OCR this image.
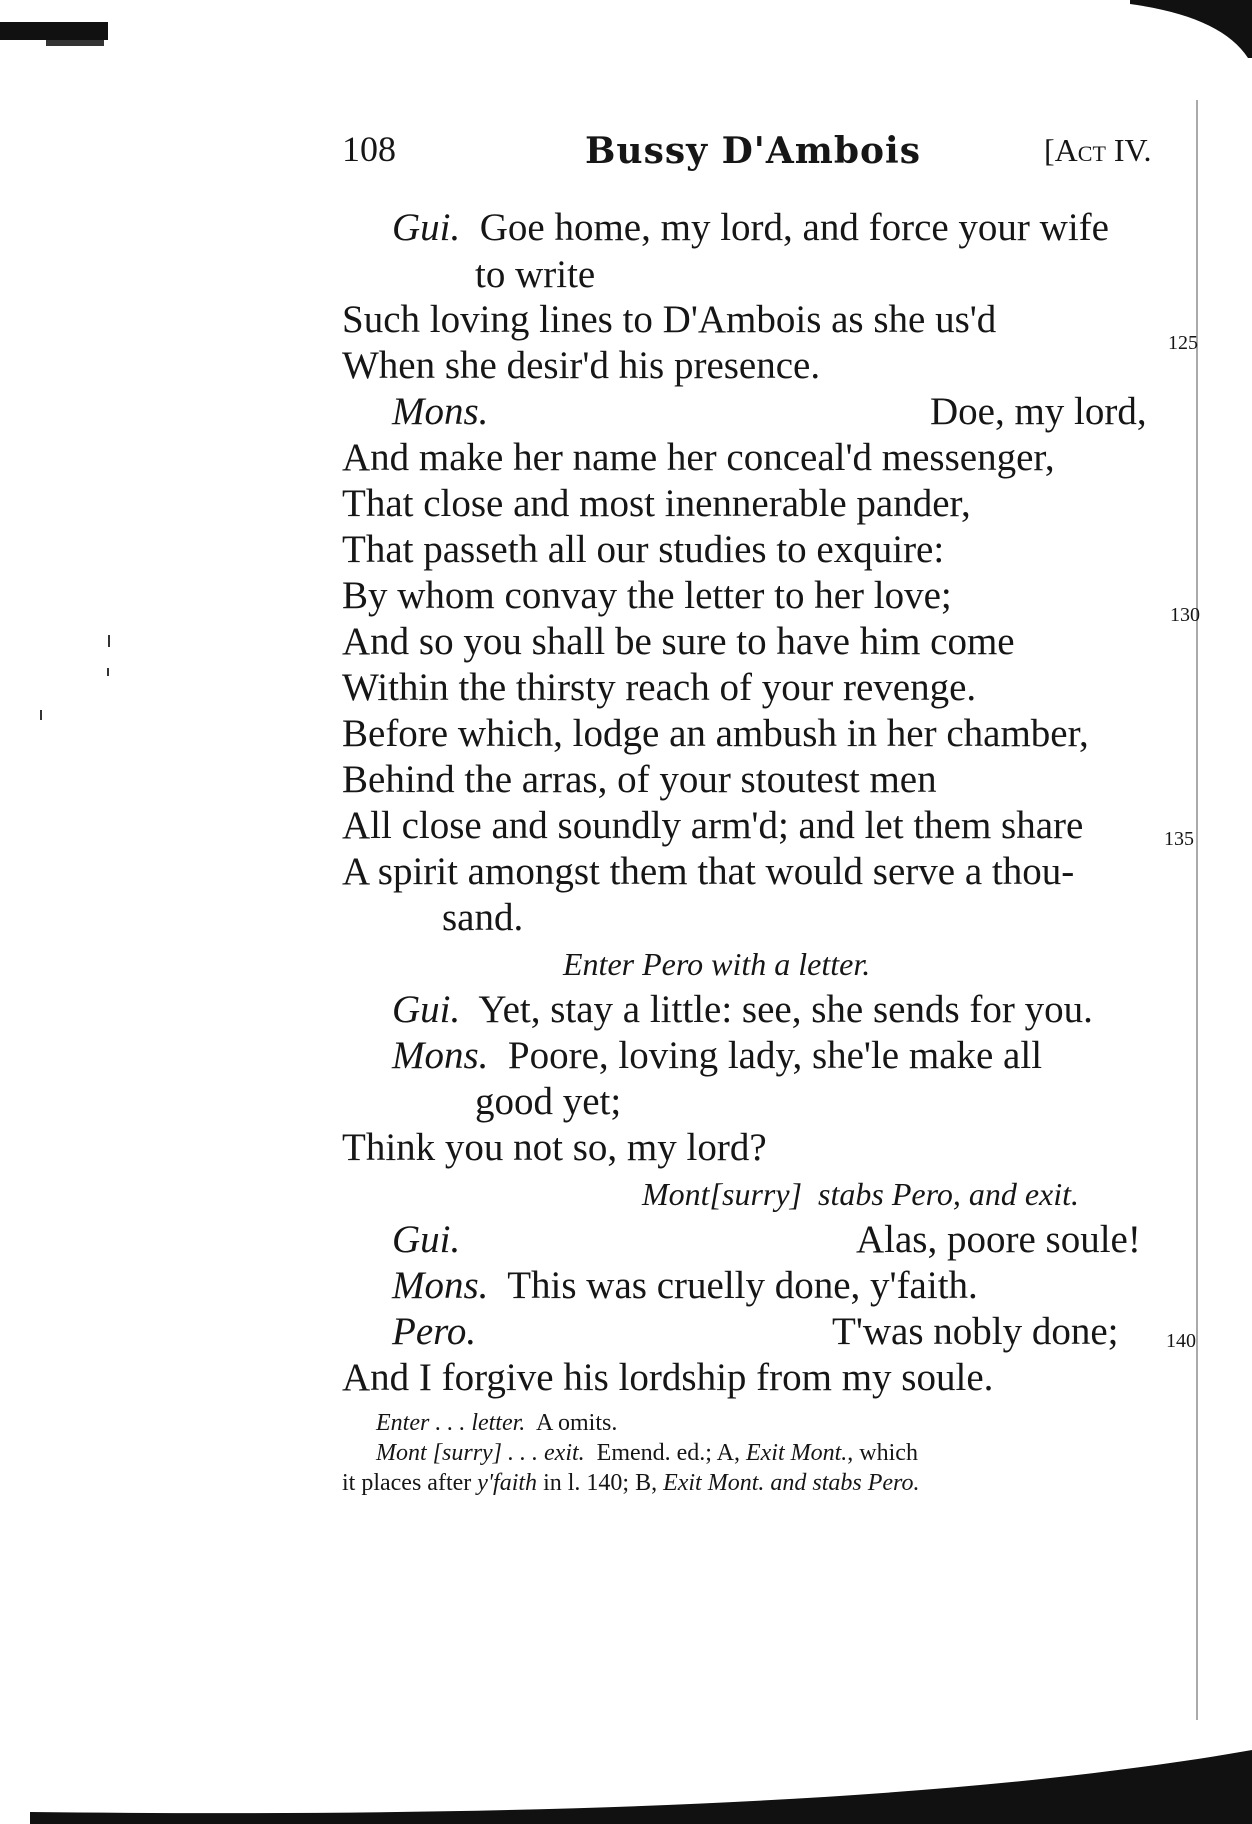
108	Bussy D'Ambois	[Act IV.
Gui. Goe home, my lord, and force your wife
to write
Such loving lines to D'Ambois as she us'd
When she desir'd his presence.
Mons.	Doe, my lord,
And make her name her conceal'd messenger,
That close and most inennerable pander,
That passeth all our studies to exquire:
By whom convay the letter to her love;
And so you shall be sure to have him come
Within the thirsty reach of your revenge.
Before which, lodge an ambush in her chamber,
Behind the arras, of your stoutest men
All close and soundly arm'd; and let them share
A spirit amongst them that would serve a thou-
sand.
Enter Pero with a letter.
Gui. Yet, stay a little: see, she sends for you.
Mons. Poore, loving lady, she'le make all
good yet;
Think you not so, my lord?
Mont[surry] stabs Pero, and exit.
Gui.	Alas, poore soule!
Mons. This was cruelly done, y'faith.
Pero.	T'was nobly done;
And I forgive his lordship from my soule.
125
130
135
140
Enter . . . letter. A omits.
Mont [surry] . . . exit. Emend. ed.; A, Exit Mont., which
it places after y'faith in l. 140; B, Exit Mont. and stabs Pero.
